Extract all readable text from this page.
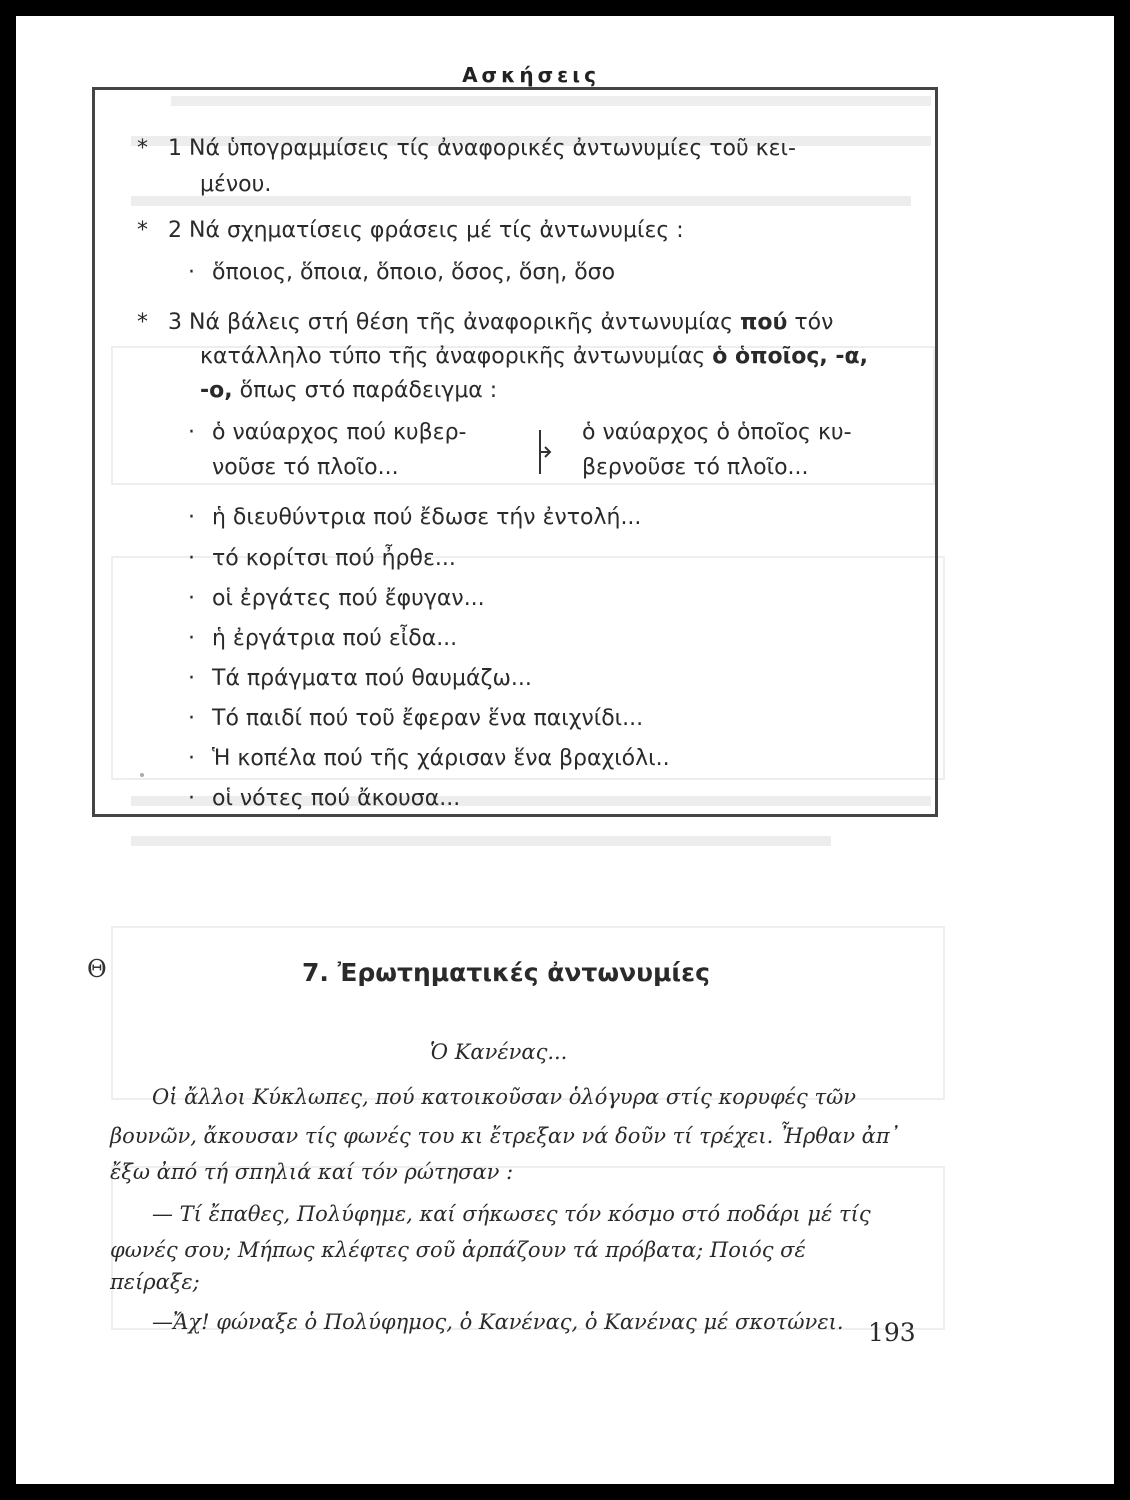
Ασκήσεις
* 1 Νά ὑπογραμμίσεις τίς ἀναφορικές ἀντωνυμίες τοῦ κει-
μένου.
* 2 Νά σχηματίσεις φράσεις μέ τίς ἀντωνυμίες :
· ὅποιος, ὅποια, ὅποιο, ὅσος, ὅση, ὅσο
* 3 Νά βάλεις στή θέση τῆς ἀναφορικῆς ἀντωνυμίας πού τόν
κατάλληλο τύπο τῆς ἀναφορικῆς ἀντωνυμίας ὁ ὁποῖος, -α,
-ο, ὅπως στό παράδειγμα :
· ὁ ναύαρχος πού κυβερ-
νοῦσε τό πλοῖο...
ὁ ναύαρχος ὁ ὁποῖος κυ-
βερνοῦσε τό πλοῖο...
· ἡ διευθύντρια πού ἔδωσε τήν ἐντολή...
· τό κορίτσι πού ἦρθε...
· οἱ ἐργάτες πού ἔφυγαν...
· ἡ ἐργάτρια πού εἶδα...
· Τά πράγματα πού θαυμάζω...
· Τό παιδί πού τοῦ ἔφεραν ἕνα παιχνίδι...
· Ἡ κοπέλα πού τῆς χάρισαν ἕνα βραχιόλι..
· οἱ νότες πού ἄκουσα...
Θ	7. Ἐρωτηματικές ἀντωνυμίες
Ὁ Κανένας...
Οἱ ἄλλοι Κύκλωπες, πού κατοικοῦσαν ὁλόγυρα στίς κορυφές τῶν
βουνῶν, ἄκουσαν τίς φωνές του κι ἔτρεξαν νά δοῦν τί τρέχει. Ἦρθαν ἀπ᾽
ἔξω ἀπό τή σπηλιά καί τόν ρώτησαν :
— Τί ἔπαθες, Πολύφημε, καί σήκωσες τόν κόσμο στό ποδάρι μέ τίς
φωνές σου; Μήπως κλέφτες σοῦ ἁρπάζουν τά πρόβατα; Ποιός σέ
πείραξε;
—Ἄχ! φώναξε ὁ Πολύφημος, ὁ Κανένας, ὁ Κανένας μέ σκοτώνει. 193
